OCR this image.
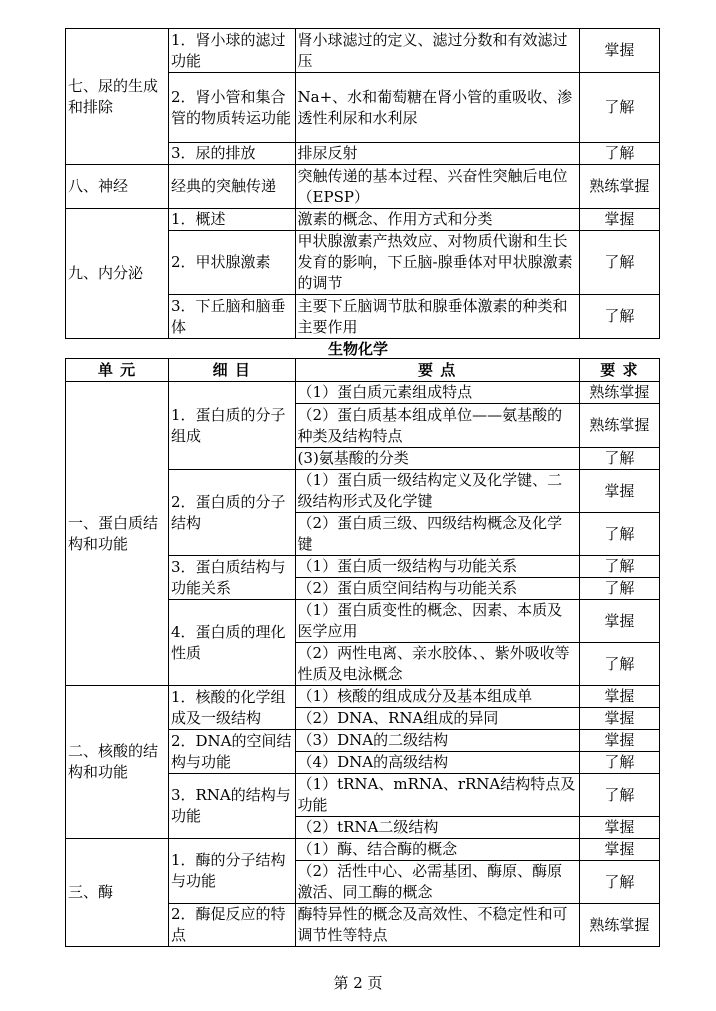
七、尿的生成和排除	1．肾小球的滤过功能	肾小球滤过的定义、滤过分数和有效滤过压	掌握
	2．肾小管和集合管的物质转运功能	Na+、水和葡萄糖在肾小管的重吸收、渗透性利尿和水利尿	了解
	3．尿的排放	排尿反射	了解
八、神经	经典的突触传递	突触传递的基本过程、兴奋性突触后电位（EPSP）	熟练掌握
九、内分泌	1．概述	激素的概念、作用方式和分类	掌握
	2．甲状腺激素	甲状腺激素产热效应、对物质代谢和生长发育的影响，下丘脑-腺垂体对甲状腺激素的调节	了解
	3．下丘脑和脑垂体	主要下丘脑调节肽和腺垂体激素的种类和主要作用	了解
生物化学
单 元	细 目	要 点	要 求
一、蛋白质结构和功能	1．蛋白质的分子组成	（1）蛋白质元素组成特点	熟练掌握
		（2）蛋白质基本组成单位——氨基酸的种类及结构特点	熟练掌握
		(3)氨基酸的分类	了解
	2．蛋白质的分子结构	（1）蛋白质一级结构定义及化学键、二级结构形式及化学键	掌握
		（2）蛋白质三级、四级结构概念及化学键	了解
	3．蛋白质结构与功能关系	（1）蛋白质一级结构与功能关系	了解
		（2）蛋白质空间结构与功能关系	了解
	4．蛋白质的理化性质	（1）蛋白质变性的概念、因素、本质及医学应用	掌握
		（2）两性电离、亲水胶体、、紫外吸收等性质及电泳概念	了解
二、核酸的结构和功能	1．核酸的化学组成及一级结构	（1）核酸的组成成分及基本组成单	掌握
		（2）DNA、RNA组成的异同	掌握
	2．DNA的空间结构与功能	（3）DNA的二级结构	掌握
		（4）DNA的高级结构	了解
	3．RNA的结构与功能	（1）tRNA、mRNA、rRNA结构特点及功能	了解
		（2）tRNA二级结构	掌握
三、酶	1．酶的分子结构与功能	（1）酶、结合酶的概念	掌握
		（2）活性中心、必需基团、酶原、酶原激活、同工酶的概念	了解
	2．酶促反应的特点	酶特异性的概念及高效性、不稳定性和可调节性等特点	熟练掌握
第 2 页
